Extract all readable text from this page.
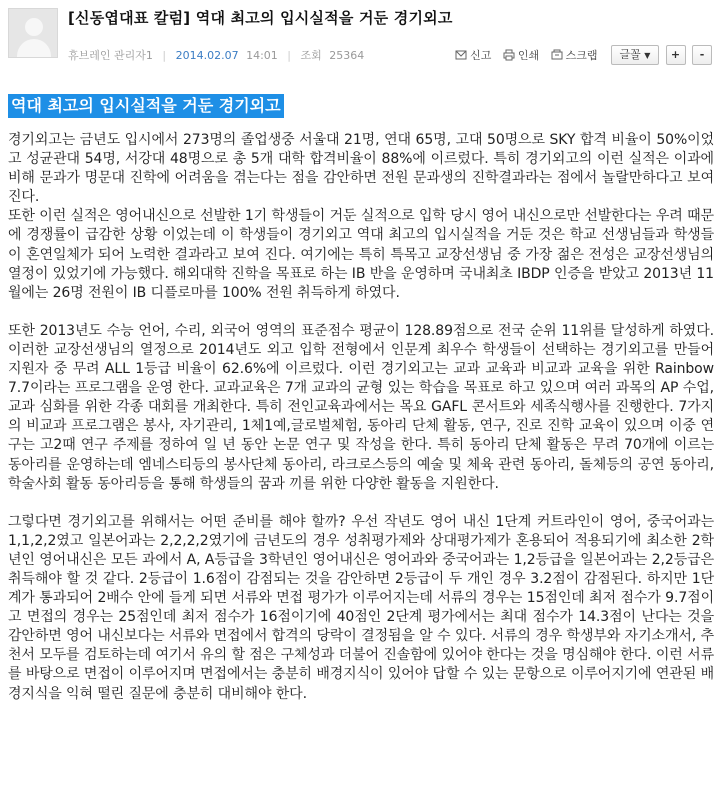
[신동엽대표 칼럼] 역대 최고의 입시실적을 거둔 경기외고
휴브레인 관리자1 | 2014.02.07 14:01 | 조회 25364	신고 인쇄 스크랩 글꼴 ▼ + -
역대 최고의 입시실적을 거둔 경기외고

경기외고는 금년도 입시에서 273명의 졸업생중 서울대 21명, 연대 65명, 고대 50명으로 SKY 합격 비율이 50%이었고 성균관대 54명, 서강대 48명으로 총 5개 대학 합격비율이 88%에 이르렀다. 특히 경기외고의 이런 실적은 이과에 비해 문과가 명문대 진학에 어려움을 겪는다는 점을 감안하면 전원 문과생의 진학결과라는 점에서 놀랄만하다고 보여진다.

또한 이런 실적은 영어내신으로 선발한 1기 학생들이 거둔 실적으로 입학 당시 영어 내신으로만 선발한다는 우려 때문에 경쟁률이 급감한 상황 이었는데 이 학생들이 경기외고 역대 최고의 입시실적을 거둔 것은 학교 선생님들과 학생들이 혼연일체가 되어 노력한 결과라고 보여 진다. 여기에는 특히 특목고 교장선생님 중 가장 젊은 전성은 교장선생님의 열정이 있었기에 가능했다. 해외대학 진학을 목표로 하는 IB 반을 운영하며 국내최초 IBDP 인증을 받았고 2013년 11월에는 26명 전원이 IB 디플로마를 100% 전원 취득하게 하였다.

또한 2013년도 수능 언어, 수리, 외국어 영역의 표준점수 평균이 128.89점으로 전국 순위 11위를 달성하게 하였다. 이러한 교장선생님의 열정으로 2014년도 외고 입학 전형에서 인문계 최우수 학생들이 선택하는 경기외고를 만들어 지원자 중 무려 ALL 1등급 비율이 62.6%에 이르렀다. 이런 경기외고는 교과 교육과 비교과 교육을 위한 Rainbow 7.7이라는 프로그램을 운영 한다. 교과교육은 7개 교과의 균형 있는 학습을 목표로 하고 있으며 여러 과목의 AP 수업, 교과 심화를 위한 각종 대회를 개최한다. 특히 전인교육과에서는 목요 GAFL 콘서트와 세족식행사를 진행한다. 7가지의 비교과 프로그램은 봉사, 자기관리, 1체1예,글로벌체험, 동아리 단체 활동, 연구, 진로 진학 교육이 있으며 이중 연구는 고2때 연구 주제를 정하여 일 년 동안 논문 연구 및 작성을 한다. 특히 동아리 단체 활동은 무려 70개에 이르는 동아리를 운영하는데 엠네스티등의 봉사단체 동아리, 라크로스등의 예술 및 체육 관련 동아리, 돌체등의 공연 동아리, 학술사회 활동 동아리등을 통해 학생들의 꿈과 끼를 위한 다양한 활동을 지원한다.

그렇다면 경기외고를 위해서는 어떤 준비를 해야 할까? 우선 작년도 영어 내신 1단계 커트라인이 영어, 중국어과는 1,1,2,2였고 일본어과는 2,2,2,2였기에 금년도의 경우 성취평가제와 상대평가제가 혼용되어 적용되기에 최소한 2학년인 영어내신은 모든 과에서 A, A등급을 3학년인 영어내신은 영어과와 중국어과는 1,2등급을 일본어과는 2,2등급은 취득해야 할 것 같다. 2등급이 1.6점이 감점되는 것을 감안하면 2등급이 두 개인 경우 3.2점이 감점된다. 하지만 1단계가 통과되어 2배수 안에 들게 되면 서류와 면접 평가가 이루어지는데 서류의 경우는 15점인데 최저 점수가 9.7점이고 면접의 경우는 25점인데 최저 점수가 16점이기에 40점인 2단계 평가에서는 최대 점수가 14.3점이 난다는 것을 감안하면 영어 내신보다는 서류와 면접에서 합격의 당락이 결정됨을 알 수 있다. 서류의 경우 학생부와 자기소개서, 추천서 모두를 검토하는데 여기서 유의 할 점은 구체성과 더불어 진솔함에 있어야 한다는 것을 명심해야 한다. 이런 서류를 바탕으로 면접이 이루어지며 면접에서는 충분히 배경지식이 있어야 답할 수 있는 문항으로 이루어지기에 연관된 배경지식을 익혀 떨린 질문에 충분히 대비해야 한다.
